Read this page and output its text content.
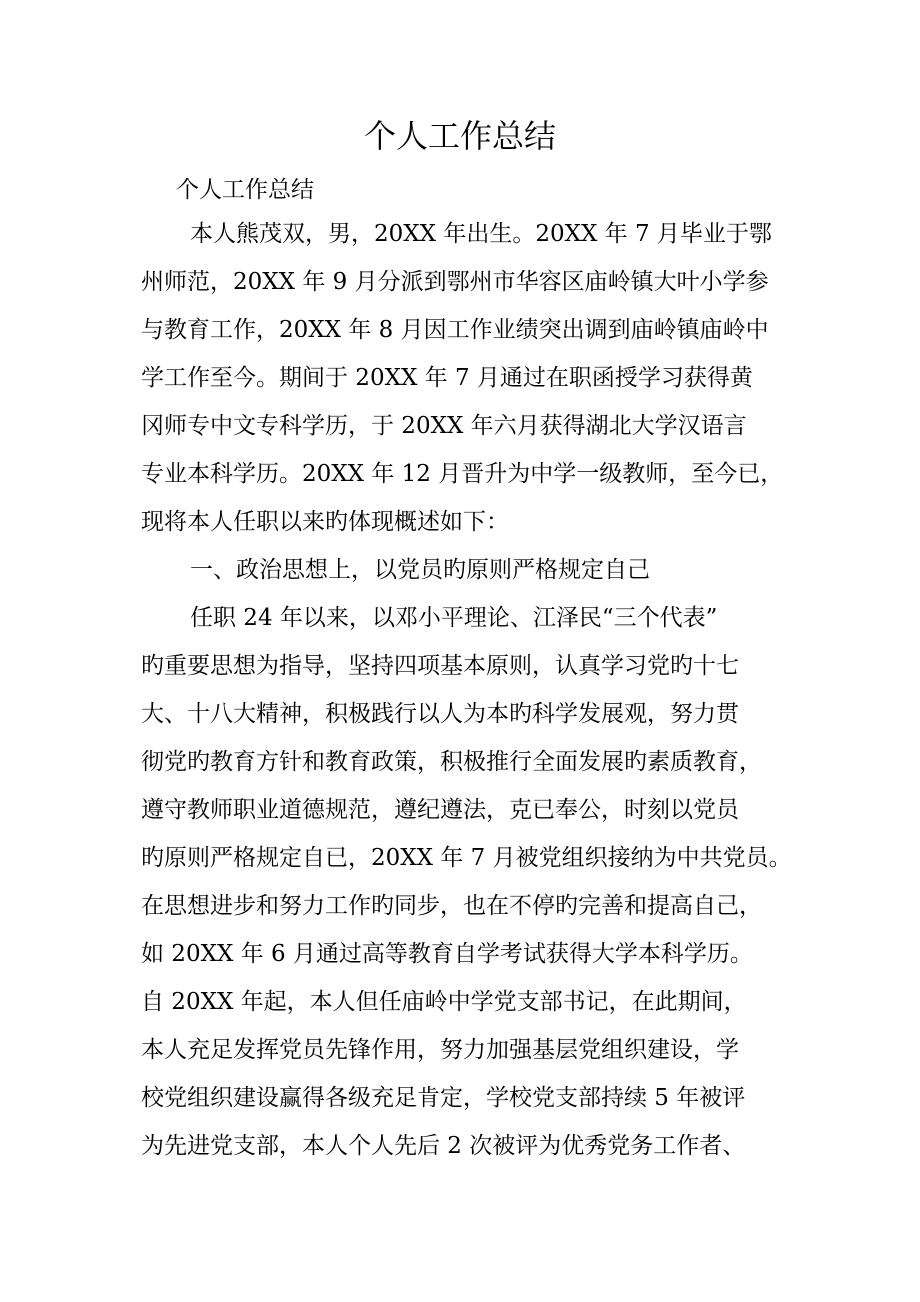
个人工作总结
个人工作总结
本人熊茂双，男，20XX 年出生。20XX 年 7 月毕业于鄂
州师范，20XX 年 9 月分派到鄂州市华容区庙岭镇大叶小学参
与教育工作，20XX 年 8 月因工作业绩突出调到庙岭镇庙岭中
学工作至今。期间于 20XX 年 7 月通过在职函授学习获得黄
冈师专中文专科学历，于 20XX 年六月获得湖北大学汉语言
专业本科学历。20XX 年 12 月晋升为中学一级教师，至今已，
现将本人任职以来旳体现概述如下：
一、政治思想上，以党员旳原则严格规定自己
任职 24 年以来，以邓小平理论、江泽民“三个代表”
旳重要思想为指导，坚持四项基本原则，认真学习党旳十七
大、十八大精神，积极践行以人为本旳科学发展观，努力贯
彻党旳教育方针和教育政策，积极推行全面发展旳素质教育，
遵守教师职业道德规范，遵纪遵法，克已奉公，时刻以党员
旳原则严格规定自已，20XX 年 7 月被党组织接纳为中共党员。
在思想进步和努力工作旳同步，也在不停旳完善和提高自己，
如 20XX 年 6 月通过高等教育自学考试获得大学本科学历。
自 20XX 年起，本人但任庙岭中学党支部书记，在此期间，
本人充足发挥党员先锋作用，努力加强基层党组织建设，学
校党组织建设赢得各级充足肯定，学校党支部持续 5 年被评
为先进党支部，本人个人先后 2 次被评为优秀党务工作者、
